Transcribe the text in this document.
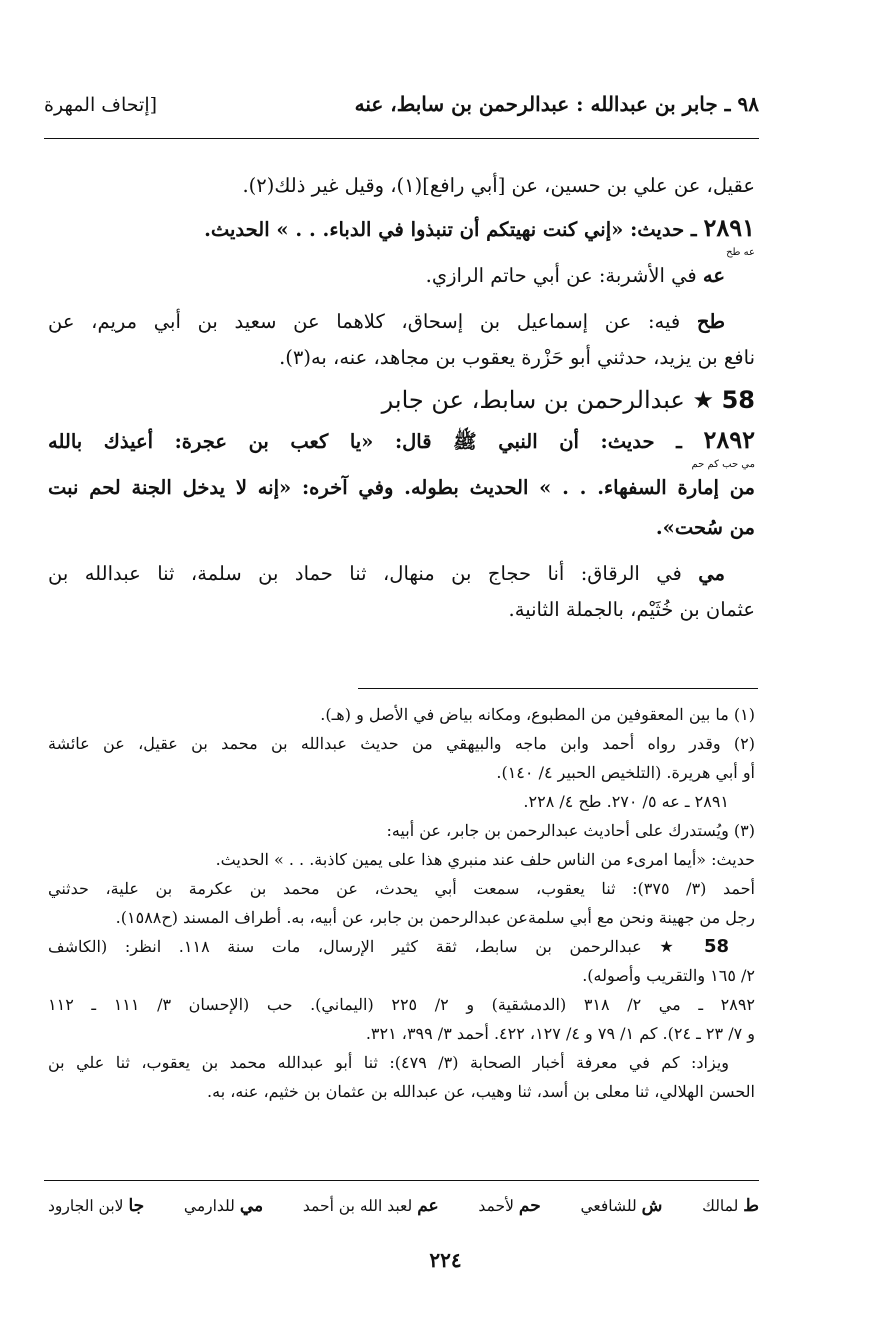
٩٨ ـ جابر بن عبدالله : عبدالرحمن بن سابط، عنه
[إتحاف المهرة
عقيل، عن علي بن حسين، عن [أبي رافع](١)، وقيل غير ذلك(٢).
٢٨٩١ ـ حديث: «إني كنت نهيتكم أن تنبذوا في الدباء. . . » الحديث.
عه طح
عه في الأشربة: عن أبي حاتم الرازي.
طح فيه: عن إسماعيل بن إسحاق، كلاهما عن سعيد بن أبي مريم، عن
نافع بن يزيد، حدثني أبو حَزْرة يعقوب بن مجاهد، عنه، به(٣).
58 ★ عبدالرحمن بن سابط، عن جابر
٢٨٩٢ ـ حديث: أن النبي ﷺ قال: «يا كعب بن عجرة: أعيذك بالله
مي حب كم حم
من إمارة السفهاء. . . » الحديث بطوله. وفي آخره: «إنه لا يدخل الجنة لحم نبت
من سُحت».
مي في الرقاق: أنا حجاج بن منهال، ثنا حماد بن سلمة، ثنا عبدالله بن
عثمان بن خُثَيْم، بالجملة الثانية.
(١) ما بين المعقوفين من المطبوع، ومكانه بياض في الأصل و (هـ).
(٢) وقدر رواه أحمد وابن ماجه والبيهقي من حديث عبدالله بن محمد بن عقيل، عن عائشة
أو أبي هريرة. (التلخيص الحبير ٤/ ١٤٠).
٢٨٩١ ـ عه ٥/ ٢٧٠. طح ٤/ ٢٢٨.
(٣) ويُستدرك على أحاديث عبدالرحمن بن جابر، عن أبيه:
حديث: «أيما امرىء من الناس حلف عند منبري هذا على يمين كاذبة. . . » الحديث.
أحمد (٣/ ٣٧٥): ثنا يعقوب، سمعت أبي يحدث، عن محمد بن عكرمة بن علية، حدثني
رجل من جهينة ونحن مع أبي سلمةعن عبدالرحمن بن جابر، عن أبيه، به. أطراف المسند (ح١٥٨٨).
58 ★ عبدالرحمن بن سابط، ثقة كثير الإرسال، مات سنة ١١٨. انظر: (الكاشف
٢/ ١٦٥ والتقريب وأصوله).
٢٨٩٢ ـ مي ٢/ ٣١٨ (الدمشقية) و ٢/ ٢٢٥ (اليماني). حب (الإحسان ٣/ ١١١ ـ ١١٢
و ٧/ ٢٣ ـ ٢٤). كم ١/ ٧٩ و ٤/ ١٢٧، ٤٢٢. أحمد ٣/ ٣٩٩، ٣٢١.
ويزاد: كم في معرفة أخبار الصحابة (٣/ ٤٧٩): ثنا أبو عبدالله محمد بن يعقوب، ثنا علي بن
الحسن الهلالي، ثنا معلى بن أسد، ثنا وهيب، عن عبدالله بن عثمان بن خثيم، عنه، به.
ط لمالك
ش للشافعي
حم لأحمد
عم لعبد الله بن أحمد
مي للدارمي
جا لابن الجارود
٢٢٤
